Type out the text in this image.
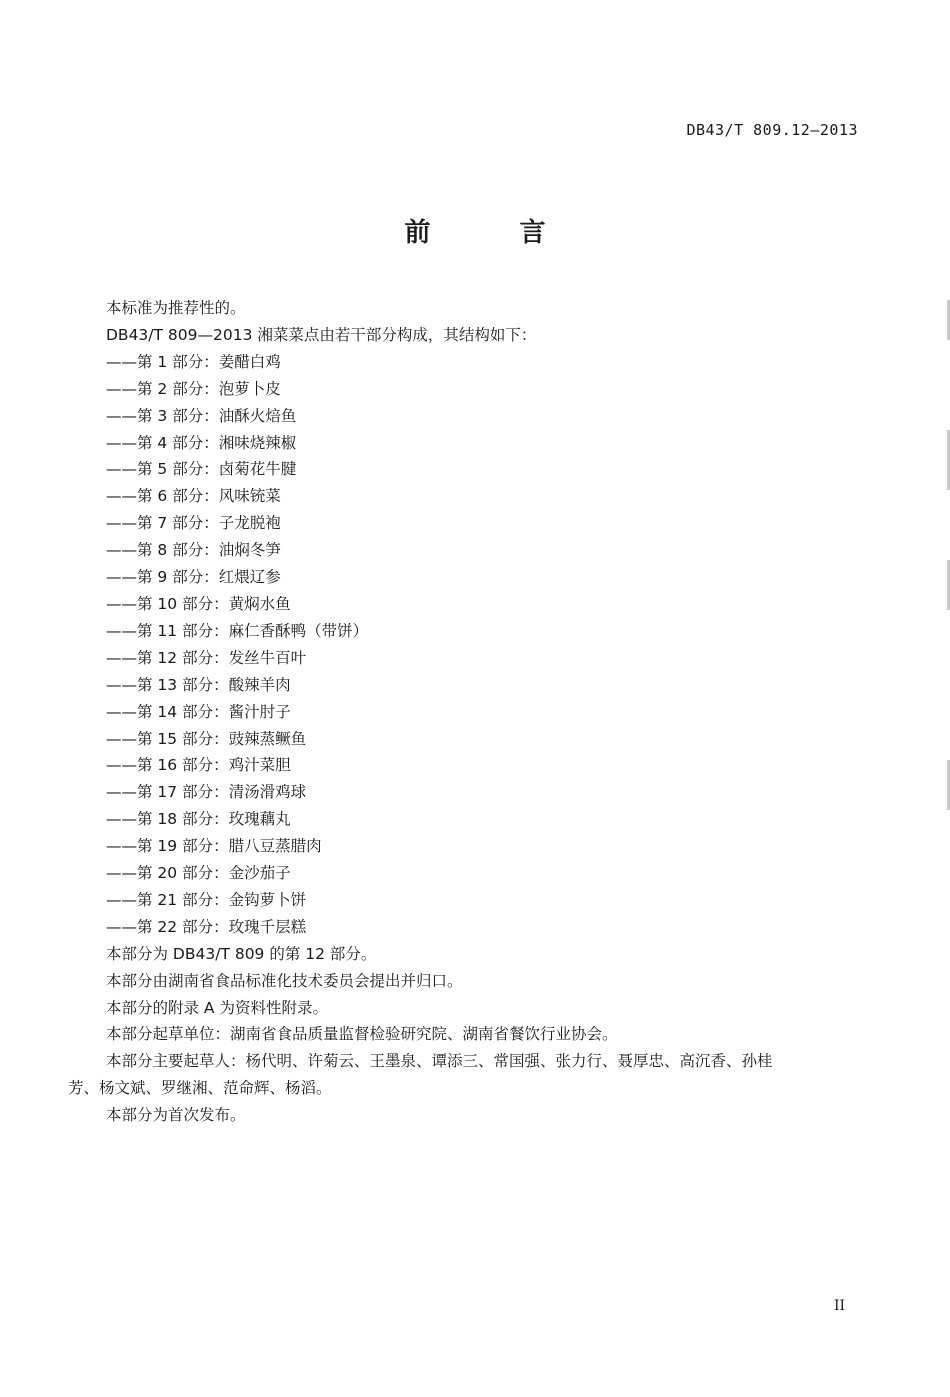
DB43/T 809.12—2013
前 言
本标准为推荐性的。
DB43/T 809—2013 湘菜菜点由若干部分构成，其结构如下：
——第 1 部分：姜醋白鸡
——第 2 部分：泡萝卜皮
——第 3 部分：油酥火焙鱼
——第 4 部分：湘味烧辣椒
——第 5 部分：卤菊花牛腱
——第 6 部分：风味铳菜
——第 7 部分：子龙脱袍
——第 8 部分：油焖冬笋
——第 9 部分：红煨辽参
——第 10 部分：黄焖水鱼
——第 11 部分：麻仁香酥鸭（带饼）
——第 12 部分：发丝牛百叶
——第 13 部分：酸辣羊肉
——第 14 部分：酱汁肘子
——第 15 部分：豉辣蒸鳜鱼
——第 16 部分：鸡汁菜胆
——第 17 部分：清汤滑鸡球
——第 18 部分：玫瑰藕丸
——第 19 部分：腊八豆蒸腊肉
——第 20 部分：金沙茄子
——第 21 部分：金钩萝卜饼
——第 22 部分：玫瑰千层糕
本部分为 DB43/T 809 的第 12 部分。
本部分由湖南省食品标准化技术委员会提出并归口。
本部分的附录 A 为资料性附录。
本部分起草单位：湖南省食品质量监督检验研究院、湖南省餐饮行业协会。
本部分主要起草人：杨代明、许菊云、王墨泉、谭添三、常国强、张力行、聂厚忠、高沉香、孙桂
芳、杨文斌、罗继湘、范命辉、杨滔。
本部分为首次发布。
II
